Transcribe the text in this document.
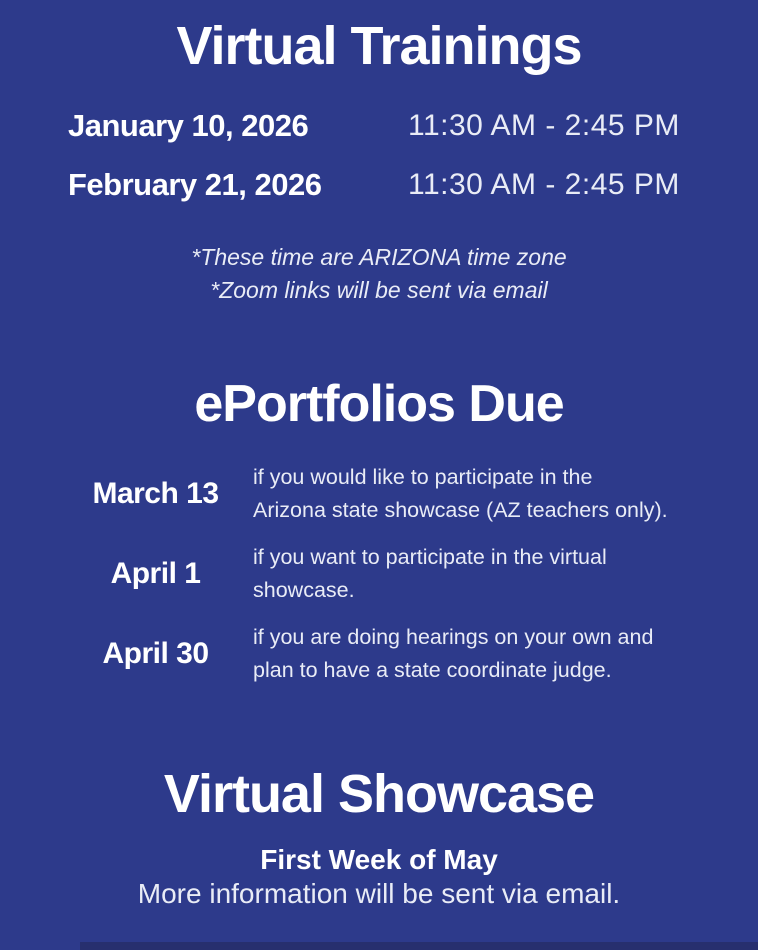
Virtual Trainings
January 10, 2026	11:30 AM - 2:45 PM
February 21, 2026	11:30 AM - 2:45 PM
*These time are ARIZONA time zone
*Zoom links will be sent via email
ePortfolios Due
March 13	if you would like to participate in the
Arizona state showcase (AZ teachers only).
April 1	if you want to participate in the virtual
showcase.
April 30	if you are doing hearings on your own and
plan to have a state coordinate judge.
Virtual Showcase
First Week of May
More information will be sent via email.
